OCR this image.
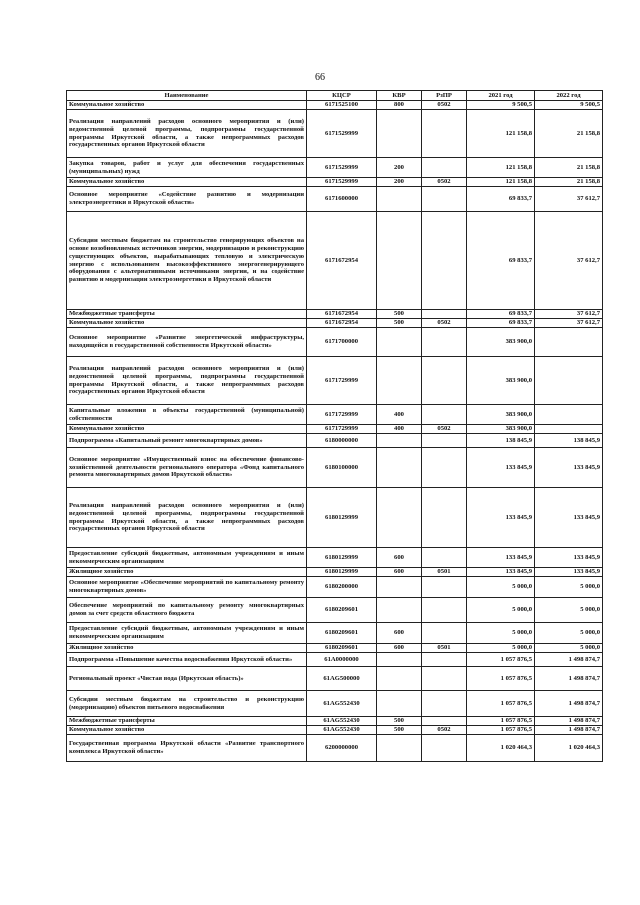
66
Наименование	КЦСР	КВР	РзПР	2021 год	2022 год
Коммунальное хозяйство	6171525100	800	0502	9 500,5	9 500,5
Реализация направлений расходов основного мероприятия и (или) ведомственной целевой программы, подпрограммы государственной программы Иркутской области, а также непрограммных расходов государственных органов Иркутской области	6171529999			121 158,8	21 158,8
Закупка товаров, работ и услуг для обеспечения государственных (муниципальных) нужд	6171529999	200		121 158,8	21 158,8
Коммунальное хозяйство	6171529999	200	0502	121 158,8	21 158,8
Основное мероприятие «Содействие развитию и модернизации электроэнергетики в Иркутской области»	6171600000			69 833,7	37 612,7
Субсидии местным бюджетам на строительство генерирующих объектов на основе возобновляемых источников энергии, модернизацию и реконструкцию существующих объектов, вырабатывающих тепловую и электрическую энергию с использованием высокоэффективного энергогенерирующего оборудования с альтернативными источниками энергии, и на содействие развитию и модернизации электроэнергетики в Иркутской области	6171672954			69 833,7	37 612,7
Межбюджетные трансферты	6171672954	500		69 833,7	37 612,7
Коммунальное хозяйство	6171672954	500	0502	69 833,7	37 612,7
Основное мероприятие «Развитие энергетической инфраструктуры, находящейся в государственной собственности Иркутской области»	6171700000			383 900,0	
Реализация направлений расходов основного мероприятия и (или) ведомственной целевой программы, подпрограммы государственной программы Иркутской области, а также непрограммных расходов государственных органов Иркутской области	6171729999			383 900,0	
Капитальные вложения в объекты государственной (муниципальной) собственности	6171729999	400		383 900,0	
Коммунальное хозяйство	6171729999	400	0502	383 900,0	
Подпрограмма «Капитальный ремонт многоквартирных домов»	6180000000			138 845,9	138 845,9
Основное мероприятие «Имущественный взнос на обеспечение финансово-хозяйственной деятельности регионального оператора «Фонд капитального ремонта многоквартирных домов Иркутской области»	6180100000			133 845,9	133 845,9
Реализация направлений расходов основного мероприятия и (или) ведомственной целевой программы, подпрограммы государственной программы Иркутской области, а также непрограммных расходов государственных органов Иркутской области	6180129999			133 845,9	133 845,9
Предоставление субсидий бюджетным, автономным учреждениям и иным некоммерческим организациям	6180129999	600		133 845,9	133 845,9
Жилищное хозяйство	6180129999	600	0501	133 845,9	133 845,9
Основное мероприятие «Обеспечение мероприятий по капитальному ремонту многоквартирных домов»	6180200000			5 000,0	5 000,0
Обеспечение мероприятий по капитальному ремонту многоквартирных домов за счет средств областного бюджета	6180209601			5 000,0	5 000,0
Предоставление субсидий бюджетным, автономным учреждениям и иным некоммерческим организациям	6180209601	600		5 000,0	5 000,0
Жилищное хозяйство	6180209601	600	0501	5 000,0	5 000,0
Подпрограмма «Повышение качества водоснабжения Иркутской области»	61A0000000			1 057 876,5	1 498 874,7
Региональный проект «Чистая вода (Иркутская область)»	61AG500000			1 057 876,5	1 498 874,7
Субсидии местным бюджетам на строительство и реконструкцию (модернизацию) объектов питьевого водоснабжения	61AG552430			1 057 876,5	1 498 874,7
Межбюджетные трансферты	61AG552430	500		1 057 876,5	1 498 874,7
Коммунальное хозяйство	61AG552430	500	0502	1 057 876,5	1 498 874,7
Государственная программа Иркутской области «Развитие транспортного комплекса Иркутской области»	6200000000			1 020 464,3	1 020 464,3
